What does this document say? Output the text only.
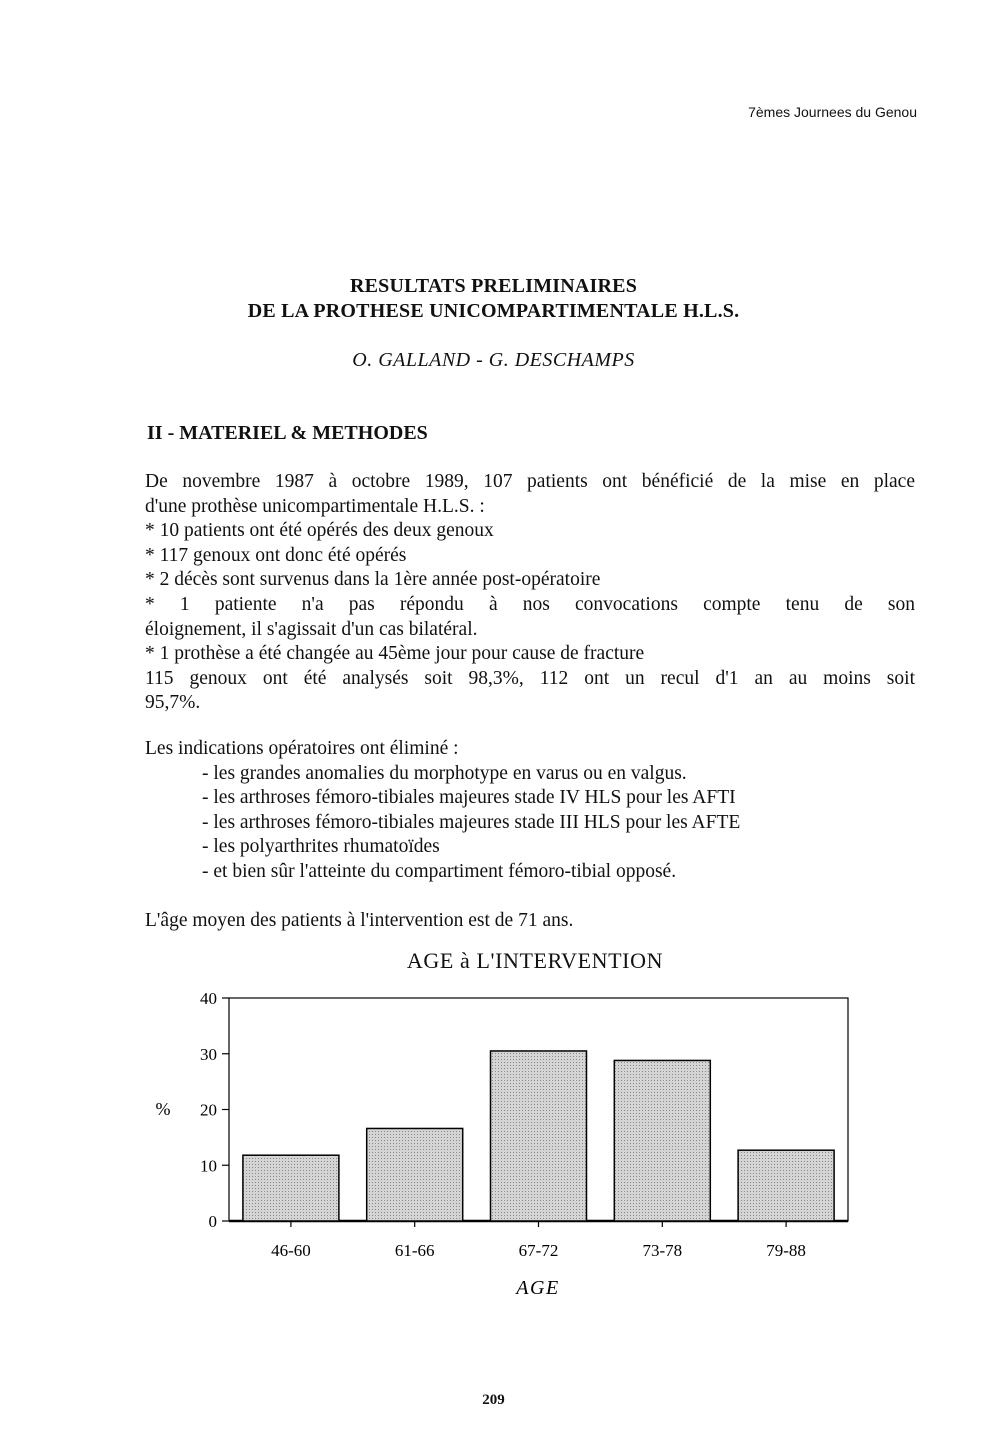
7èmes Journees du Genou
RESULTATS PRELIMINAIRES
DE LA PROTHESE UNICOMPARTIMENTALE H.L.S.
O. GALLAND - G. DESCHAMPS
II - MATERIEL & METHODES

De novembre 1987 à octobre 1989, 107 patients ont bénéficié de la mise en place

d'une prothèse unicompartimentale H.L.S. :

* 10 patients ont été opérés des deux genoux

* 117 genoux ont donc été opérés

* 2 décès sont survenus dans la 1ère année post-opératoire

* 1 patiente n'a pas répondu à nos convocations compte tenu de son

éloignement, il s'agissait d'un cas bilatéral.

* 1 prothèse a été changée au 45ème jour pour cause de fracture

115 genoux ont été analysés soit 98,3%, 112 ont un recul d'1 an au moins soit

95,7%.

Les indications opératoires ont éliminé :

- les grandes anomalies du morphotype en varus ou en valgus.

- les arthroses fémoro-tibiales majeures stade IV HLS pour les AFTI

- les arthroses fémoro-tibiales majeures stade III HLS pour les AFTE

- les polyarthrites rhumatoïdes

- et bien sûr l'atteinte du compartiment fémoro-tibial opposé.

L'âge moyen des patients à l'intervention est de 71 ans.

AGE à L'INTERVENTION
0
10
20
30
40
%
46-60	61-66	67-72	73-78	79-88
AGE
209
